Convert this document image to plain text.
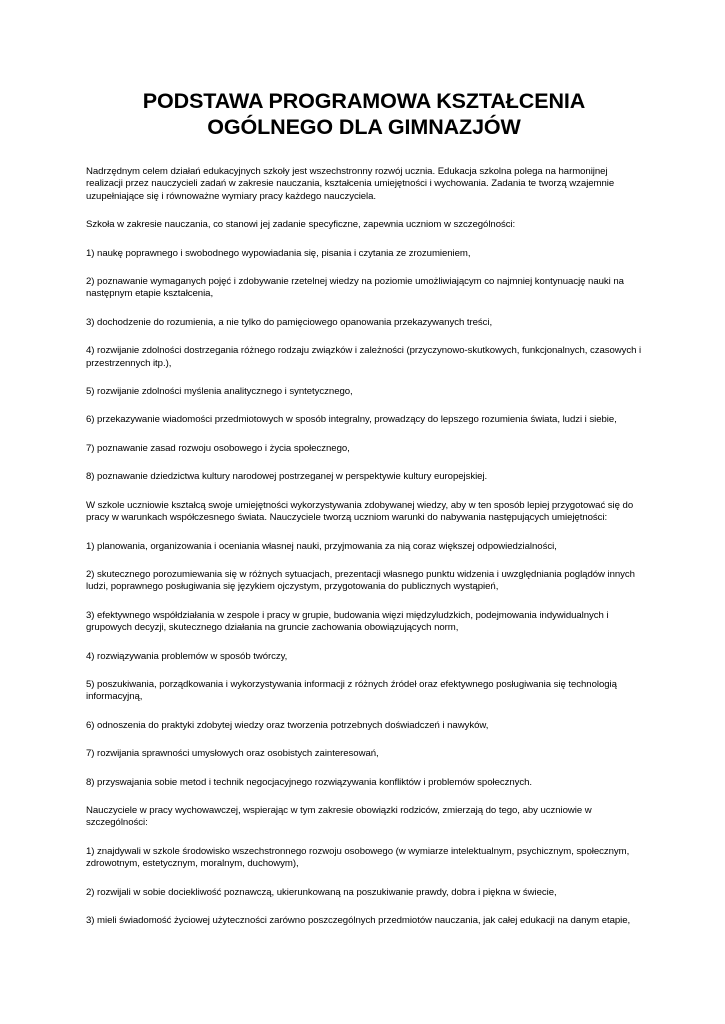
PODSTAWA PROGRAMOWA KSZTAŁCENIA
OGÓLNEGO DLA GIMNAZJÓW

Nadrzędnym celem działań edukacyjnych szkoły jest wszechstronny rozwój ucznia. Edukacja szkolna polega na harmonijnej realizacji przez nauczycieli zadań w zakresie nauczania, kształcenia umiejętności i wychowania. Zadania te tworzą wzajemnie uzupełniające się i równoważne wymiary pracy każdego nauczyciela.

Szkoła w zakresie nauczania, co stanowi jej zadanie specyficzne, zapewnia uczniom w szczególności:

1) naukę poprawnego i swobodnego wypowiadania się, pisania i czytania ze zrozumieniem,

2) poznawanie wymaganych pojęć i zdobywanie rzetelnej wiedzy na poziomie umożliwiającym co najmniej kontynuację nauki na następnym etapie kształcenia,

3) dochodzenie do rozumienia, a nie tylko do pamięciowego opanowania przekazywanych treści,

4) rozwijanie zdolności dostrzegania różnego rodzaju związków i zależności (przyczynowo-skutkowych, funkcjonalnych, czasowych i przestrzennych itp.),

5) rozwijanie zdolności myślenia analitycznego i syntetycznego,

6) przekazywanie wiadomości przedmiotowych w sposób integralny, prowadzący do lepszego rozumienia świata, ludzi i siebie,

7) poznawanie zasad rozwoju osobowego i życia społecznego,

8) poznawanie dziedzictwa kultury narodowej postrzeganej w perspektywie kultury europejskiej.

W szkole uczniowie kształcą swoje umiejętności wykorzystywania zdobywanej wiedzy, aby w ten sposób lepiej przygotować się do pracy w warunkach współczesnego świata. Nauczyciele tworzą uczniom warunki do nabywania następujących umiejętności:

1) planowania, organizowania i oceniania własnej nauki, przyjmowania za nią coraz większej odpowiedzialności,

2) skutecznego porozumiewania się w różnych sytuacjach, prezentacji własnego punktu widzenia i uwzględniania poglądów innych ludzi, poprawnego posługiwania się językiem ojczystym, przygotowania do publicznych wystąpień,

3) efektywnego współdziałania w zespole i pracy w grupie, budowania więzi międzyludzkich, podejmowania indywidualnych i grupowych decyzji, skutecznego działania na gruncie zachowania obowiązujących norm,

4) rozwiązywania problemów w sposób twórczy,

5) poszukiwania, porządkowania i wykorzystywania informacji z różnych źródeł oraz efektywnego posługiwania się technologią informacyjną,

6) odnoszenia do praktyki zdobytej wiedzy oraz tworzenia potrzebnych doświadczeń i nawyków,

7) rozwijania sprawności umysłowych oraz osobistych zainteresowań,

8) przyswajania sobie metod i technik negocjacyjnego rozwiązywania konfliktów i problemów społecznych.

Nauczyciele w pracy wychowawczej, wspierając w tym zakresie obowiązki rodziców, zmierzają do tego, aby uczniowie w szczególności:

1) znajdywali w szkole środowisko wszechstronnego rozwoju osobowego (w wymiarze intelektualnym, psychicznym, społecznym, zdrowotnym, estetycznym, moralnym, duchowym),

2) rozwijali w sobie dociekliwość poznawczą, ukierunkowaną na poszukiwanie prawdy, dobra i piękna w świecie,

3) mieli świadomość życiowej użyteczności zarówno poszczególnych przedmiotów nauczania, jak całej edukacji na danym etapie,
